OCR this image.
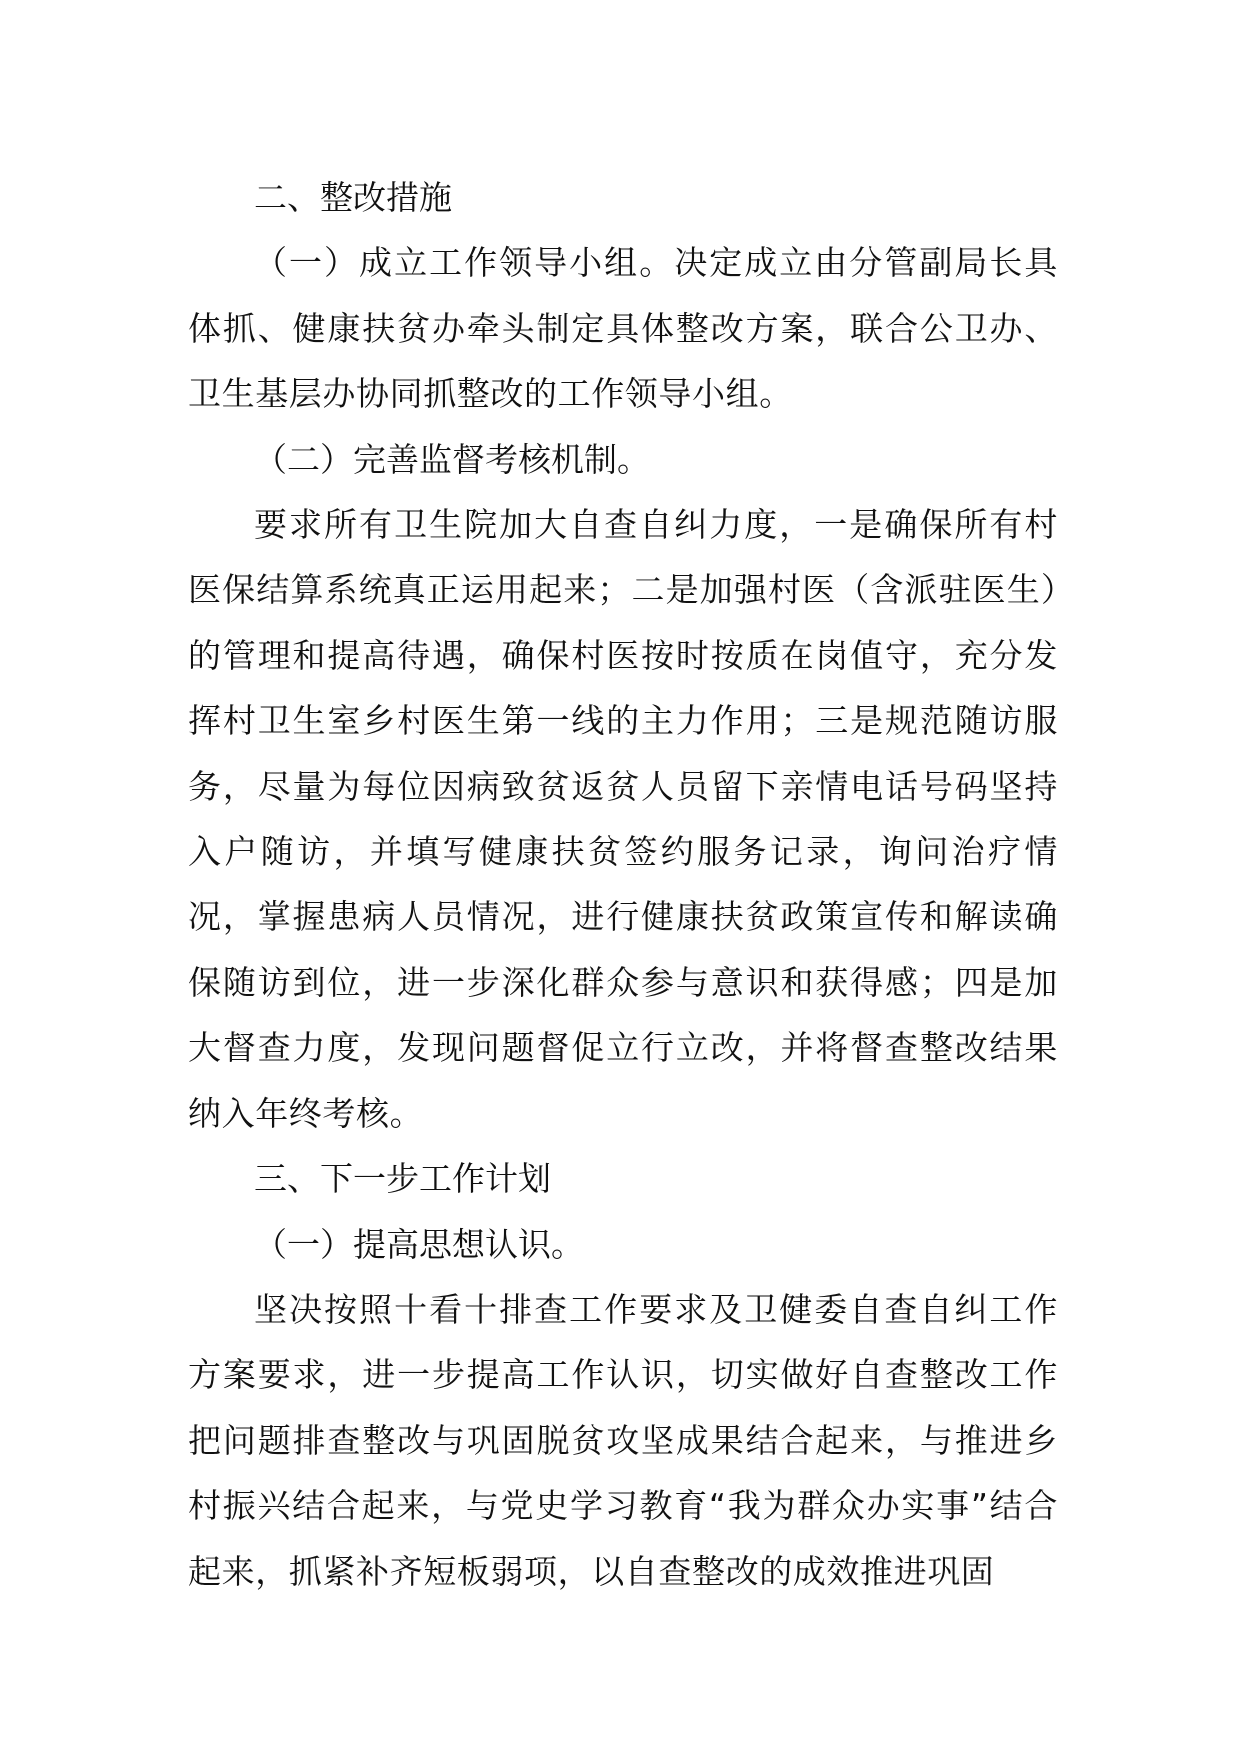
二、整改措施

（一）成立工作领导小组。决定成立由分管副局长具体抓、健康扶贫办牵头制定具体整改方案，联合公卫办、卫生基层办协同抓整改的工作领导小组。

（二）完善监督考核机制。

要求所有卫生院加大自查自纠力度，一是确保所有村医保结算系统真正运用起来；二是加强村医（含派驻医生）的管理和提高待遇，确保村医按时按质在岗值守，充分发挥村卫生室乡村医生第一线的主力作用；三是规范随访服务，尽量为每位因病致贫返贫人员留下亲情电话号码坚持入户随访，并填写健康扶贫签约服务记录，询问治疗情况，掌握患病人员情况，进行健康扶贫政策宣传和解读确保随访到位，进一步深化群众参与意识和获得感；四是加大督查力度，发现问题督促立行立改，并将督查整改结果纳入年终考核。

三、下一步工作计划

（一）提高思想认识。

坚决按照十看十排查工作要求及卫健委自查自纠工作方案要求，进一步提高工作认识，切实做好自查整改工作把问题排查整改与巩固脱贫攻坚成果结合起来，与推进乡村振兴结合起来，与党史学习教育“我为群众办实事”结合起来，抓紧补齐短板弱项，以自查整改的成效推进巩固
